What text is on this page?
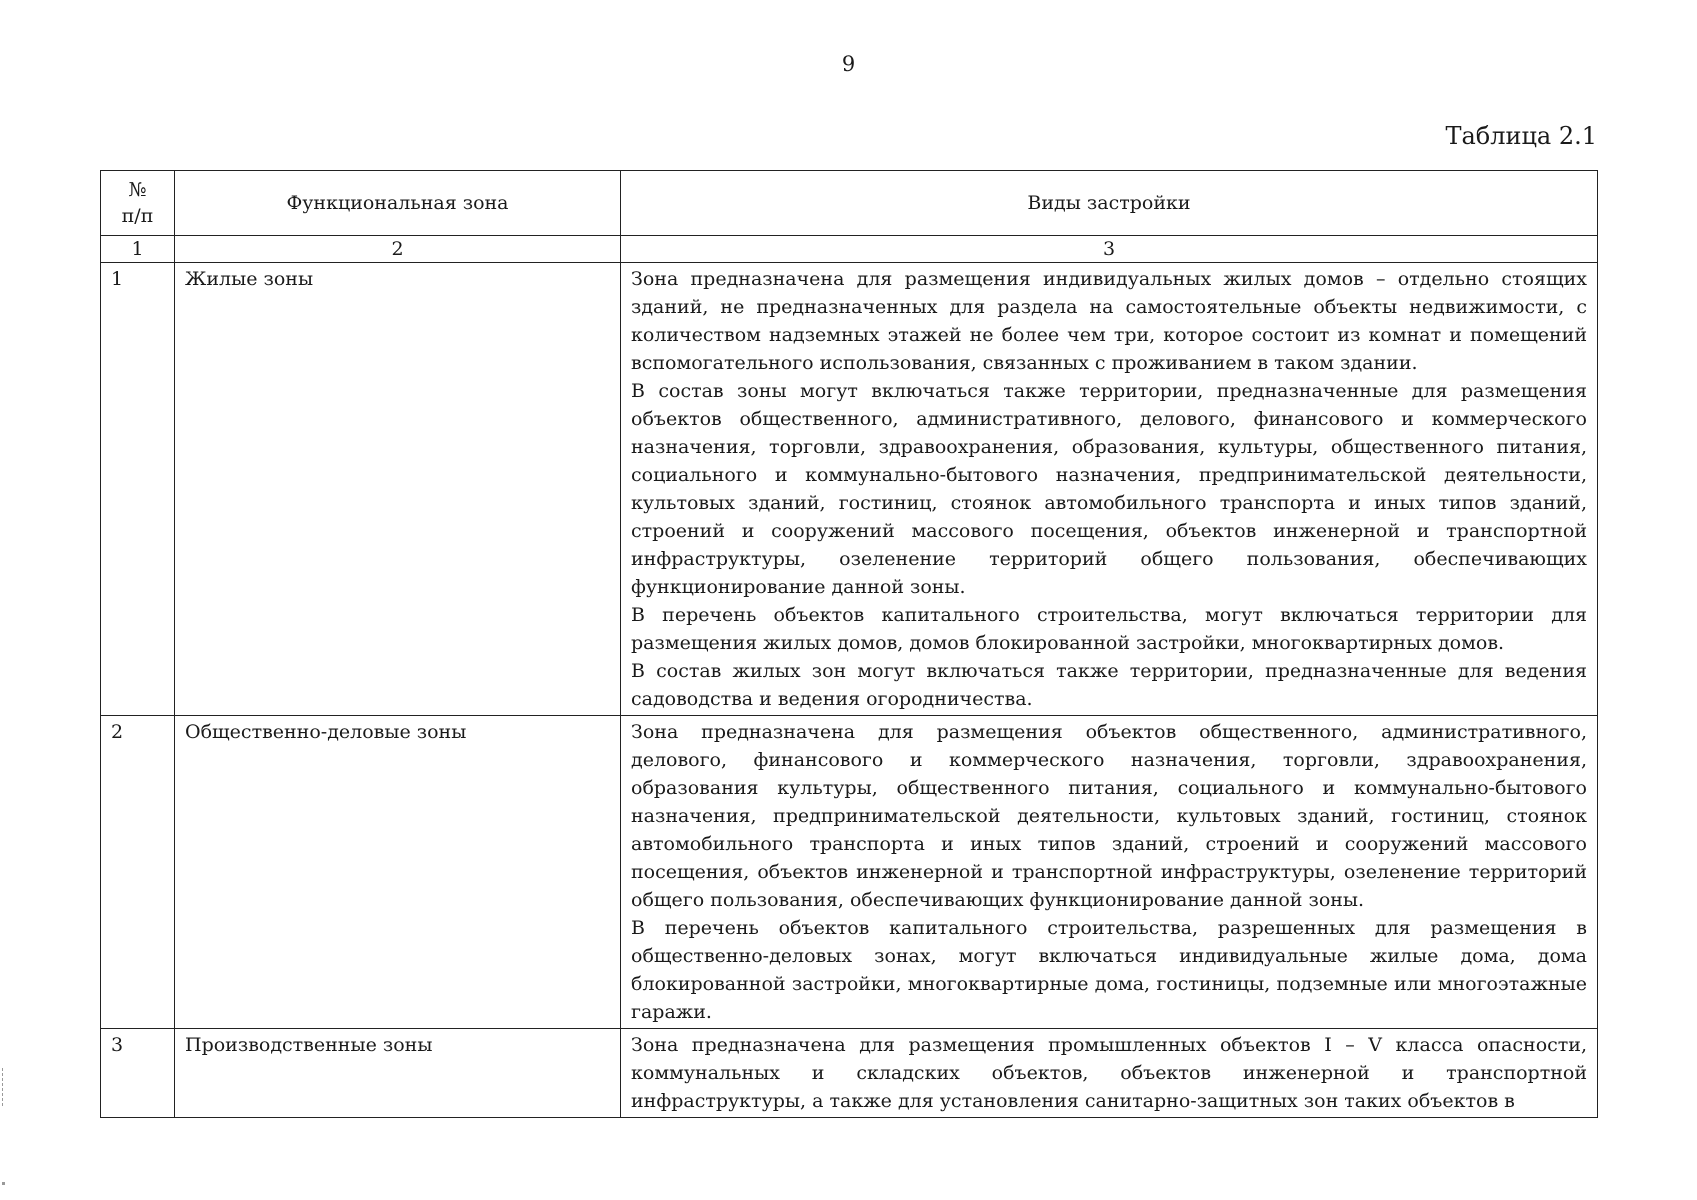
9
Таблица 2.1
№
п/п	Функциональная зона	Виды застройки
1	2	3
1	Жилые зоны	Зона предназначена для размещения индивидуальных жилых домов – отдельно стоящих зданий, не предназначенных для раздела на самостоятельные объекты недвижимости, с количеством надземных этажей не более чем три, которое состоит из комнат и помещений вспомогательного использования, связанных с проживанием в таком здании.

В состав зоны могут включаться также территории, предназначенные для размещения объектов общественного, административного, делового, финансового и коммерческого назначения, торговли, здравоохранения, образования, культуры, общественного питания, социального и коммунально-бытового назначения, предпринимательской деятельности, культовых зданий, гостиниц, стоянок автомобильного транспорта и иных типов зданий, строений и сооружений массового посещения, объектов инженерной и транспортной инфраструктуры, озеленение территорий общего пользования, обеспечивающих функционирование данной зоны.

В перечень объектов капитального строительства, могут включаться территории для размещения жилых домов, домов блокированной застройки, многоквартирных домов.

В состав жилых зон могут включаться также территории, предназначенные для ведения садоводства и ведения огородничества.

2	Общественно-деловые зоны	Зона предназначена для размещения объектов общественного, административного, делового, финансового и коммерческого назначения, торговли, здравоохранения, образования культуры, общественного питания, социального и коммунально-бытового назначения, предпринимательской деятельности, культовых зданий, гостиниц, стоянок автомобильного транспорта и иных типов зданий, строений и сооружений массового посещения, объектов инженерной и транспортной инфраструктуры, озеленение территорий общего пользования, обеспечивающих функционирование данной зоны.

В перечень объектов капитального строительства, разрешенных для размещения в общественно-деловых зонах, могут включаться индивидуальные жилые дома, дома блокированной застройки, многоквартирные дома, гостиницы, подземные или многоэтажные гаражи.

3	Производственные зоны	Зона предназначена для размещения промышленных объектов I – V класса опасности, коммунальных и складских объектов, объектов инженерной и транспортной инфраструктуры, а также для установления санитарно-защитных зон таких объектов в
